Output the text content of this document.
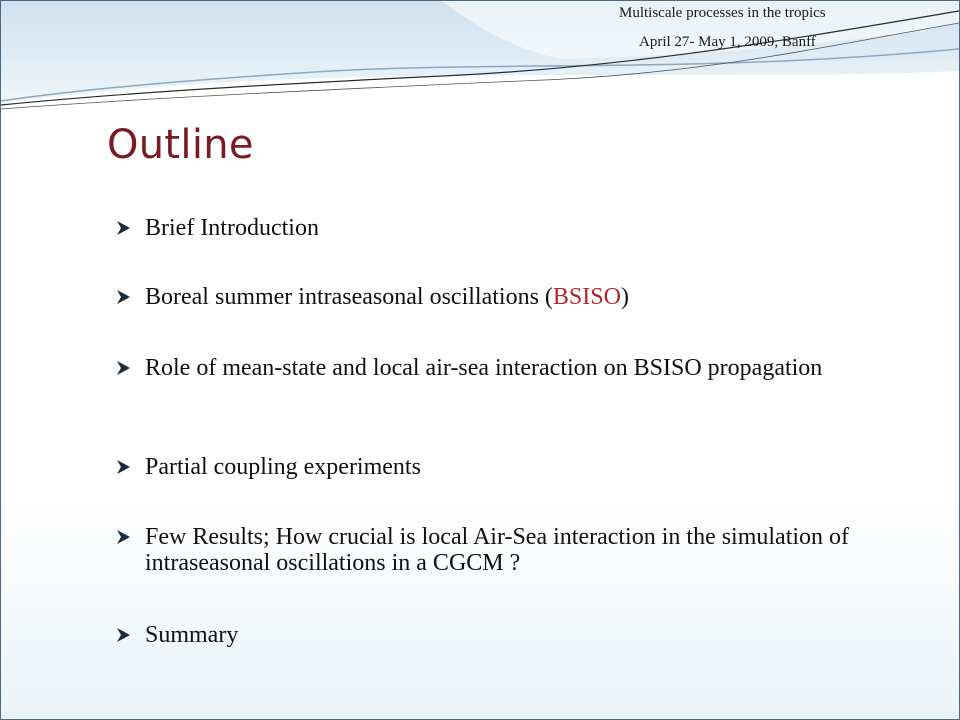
Multiscale processes in the tropics
April 27- May 1, 2009, Banff
Outline
Brief Introduction
Boreal summer intraseasonal oscillations (BSISO)
Role of mean-state and local air-sea interaction on BSISO propagation
Partial coupling experiments
Few Results; How crucial is local Air-Sea interaction in the simulation of intraseasonal oscillations in a CGCM ?
Summary
